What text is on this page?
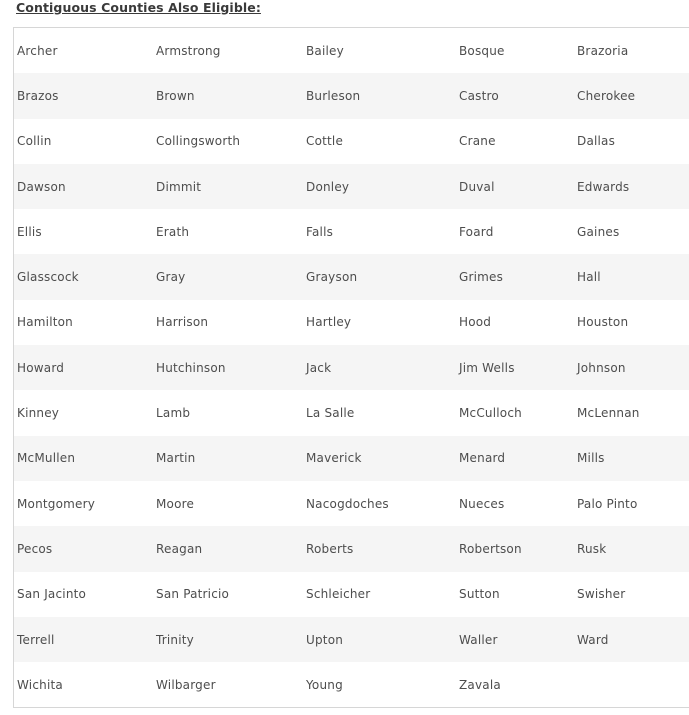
Contiguous Counties Also Eligible:
Archer	Armstrong	Bailey	Bosque	Brazoria
Brazos	Brown	Burleson	Castro	Cherokee
Collin	Collingsworth	Cottle	Crane	Dallas
Dawson	Dimmit	Donley	Duval	Edwards
Ellis	Erath	Falls	Foard	Gaines
Glasscock	Gray	Grayson	Grimes	Hall
Hamilton	Harrison	Hartley	Hood	Houston
Howard	Hutchinson	Jack	Jim Wells	Johnson
Kinney	Lamb	La Salle	McCulloch	McLennan
McMullen	Martin	Maverick	Menard	Mills
Montgomery	Moore	Nacogdoches	Nueces	Palo Pinto
Pecos	Reagan	Roberts	Robertson	Rusk
San Jacinto	San Patricio	Schleicher	Sutton	Swisher
Terrell	Trinity	Upton	Waller	Ward
Wichita	Wilbarger	Young	Zavala	
